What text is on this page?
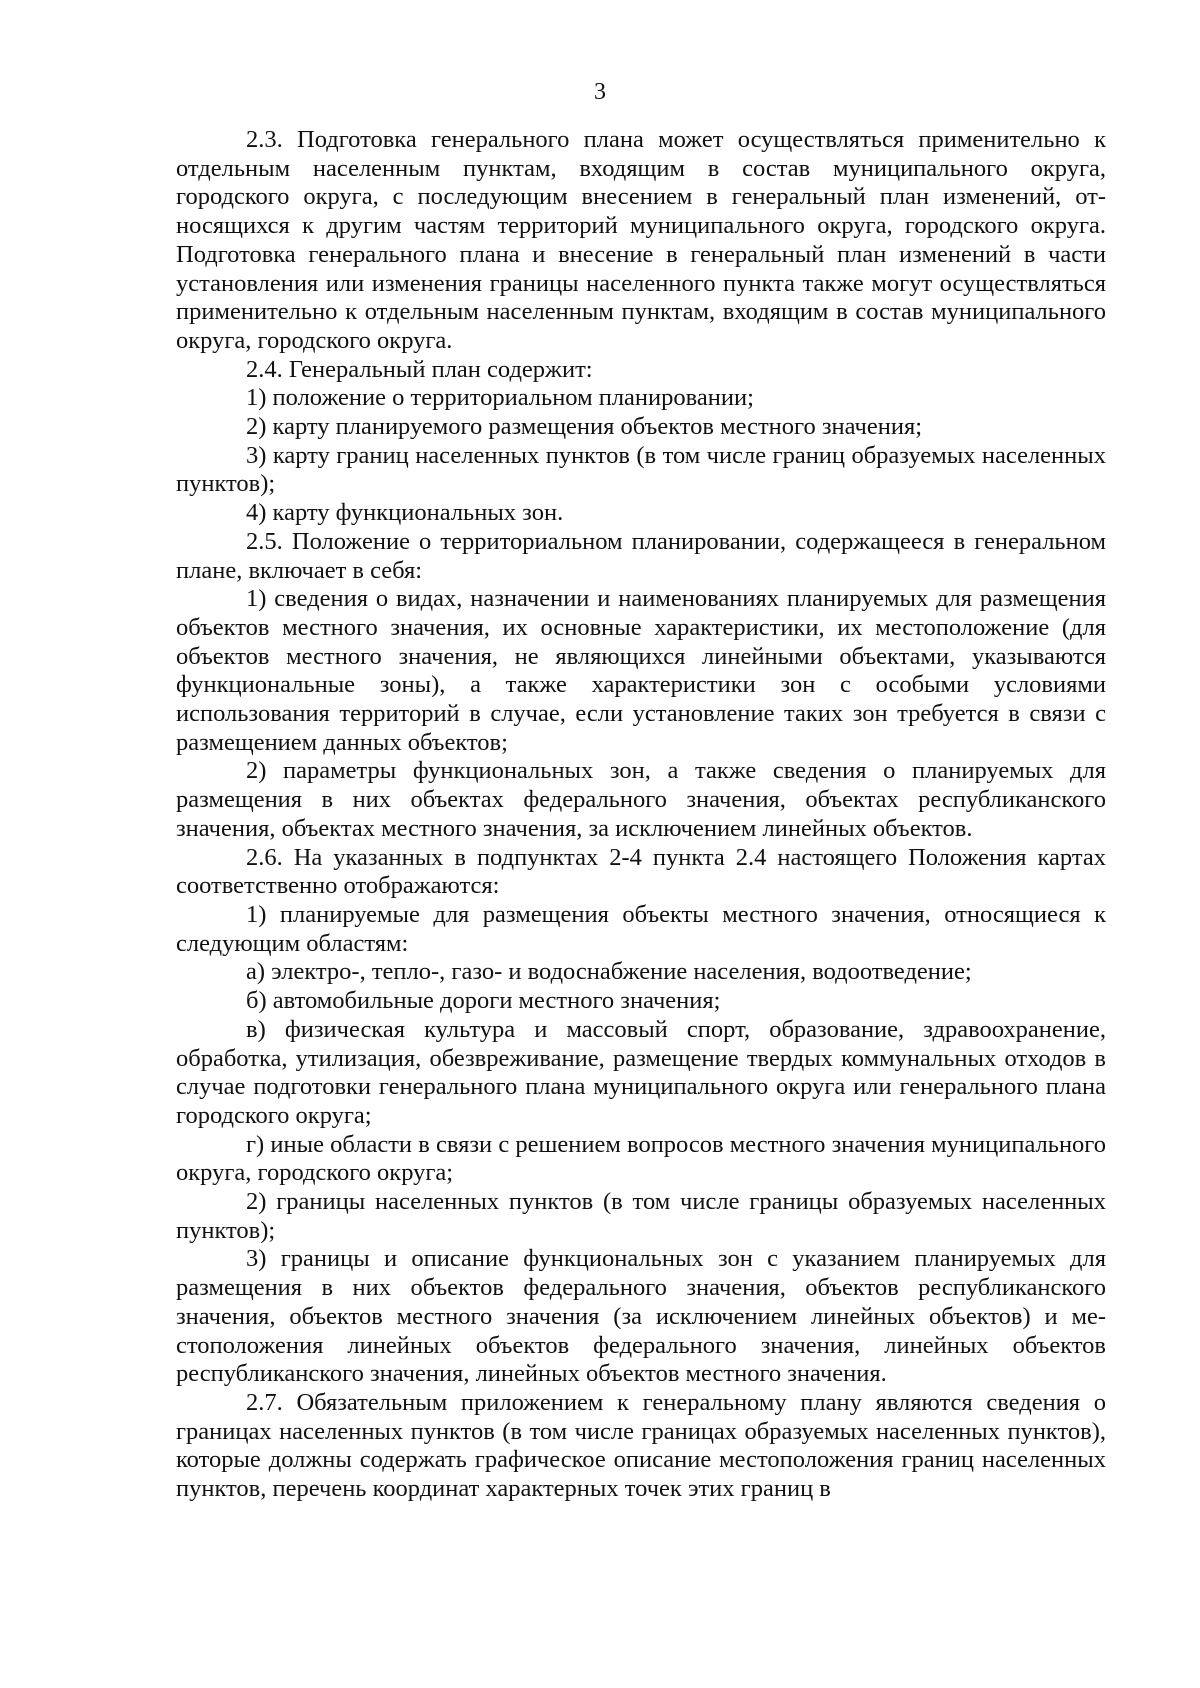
3

2.3. Подготовка генерального плана может осуществляться применительно к отдельным населенным пунктам, входящим в состав муниципального округа, городского округа, с последующим внесением в генеральный план изменений, относящихся к другим частям территорий муниципального округа, городского округа. Подготовка генерального плана и внесение в генеральный план изменений в части установления или изменения границы населенного пункта также могут осуществляться применительно к отдельным населенным пунктам, входящим в состав муниципального округа, городского округа.

2.4. Генеральный план содержит:

1) положение о территориальном планировании;

2) карту планируемого размещения объектов местного значения;

3) карту границ населенных пунктов (в том числе границ образуемых населенных пунктов);

4) карту функциональных зон.

2.5. Положение о территориальном планировании, содержащееся в генеральном плане, включает в себя:

1) сведения о видах, назначении и наименованиях планируемых для размещения объектов местного значения, их основные характеристики, их местоположение (для объектов местного значения, не являющихся линейными объектами, указываются функциональные зоны), а также характеристики зон с особыми условиями использования территорий в случае, если установление таких зон требуется в связи с размещением данных объектов;

2) параметры функциональных зон, а также сведения о планируемых для размещения в них объектах федерального значения, объектах республиканского значения, объектах местного значения, за исключением линейных объектов.

2.6. На указанных в подпунктах 2-4 пункта 2.4 настоящего Положения картах соответственно отображаются:

1) планируемые для размещения объекты местного значения, относящиеся к следующим областям:

а) электро-, тепло-, газо- и водоснабжение населения, водоотведение;

б) автомобильные дороги местного значения;

в) физическая культура и массовый спорт, образование, здравоохранение, обработка, утилизация, обезвреживание, размещение твердых коммунальных отходов в случае подготовки генерального плана муниципального округа или генерального плана городского округа;

г) иные области в связи с решением вопросов местного значения муниципального округа, городского округа;

2) границы населенных пунктов (в том числе границы образуемых населенных пунктов);

3) границы и описание функциональных зон с указанием планируемых для размещения в них объектов федерального значения, объектов республиканского значения, объектов местного значения (за исключением линейных объектов) и местоположения линейных объектов федерального значения, линейных объектов республиканского значения, линейных объектов местного значения.

2.7. Обязательным приложением к генеральному плану являются сведения о границах населенных пунктов (в том числе границах образуемых населенных пунктов), которые должны содержать графическое описание местоположения границ населенных пунктов, перечень координат характерных точек этих границ в
